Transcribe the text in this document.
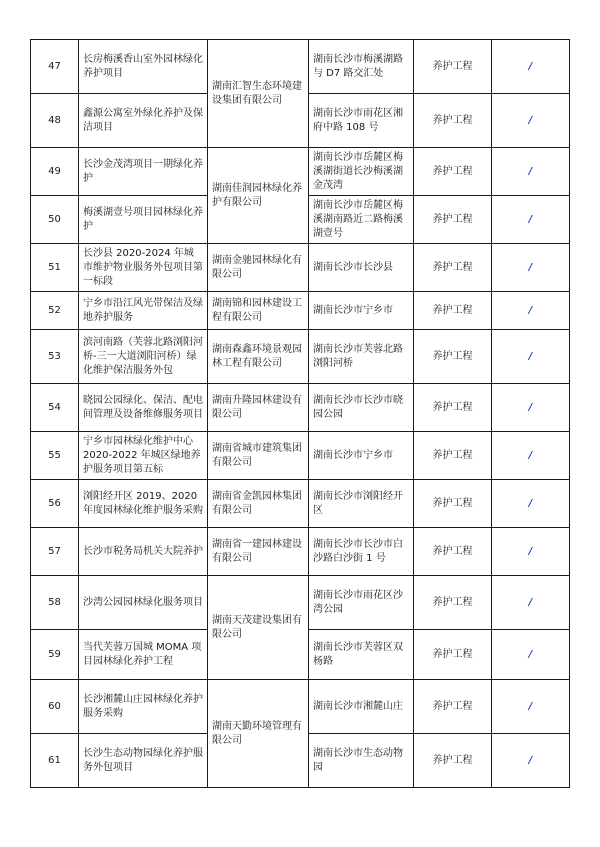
47	长房梅溪香山室外园林绿化养护项目	湖南汇智生态环境建设集团有限公司	湖南长沙市梅溪湖路与 D7 路交汇处	养护工程	/
48	鑫源公寓室外绿化养护及保洁项目		湖南长沙市雨花区湘府中路 108 号	养护工程	/
49	长沙金茂湾项目一期绿化养护	湖南佳润园林绿化养护有限公司	湖南长沙市岳麓区梅溪湖街道长沙梅溪湖金茂湾	养护工程	/
50	梅溪湖壹号项目园林绿化养护		湖南长沙市岳麓区梅溪湖南路近二路梅溪湖壹号	养护工程	/
51	长沙县 2020-2024 年城市维护物业服务外包项目第一标段	湖南金驰园林绿化有限公司	湖南长沙市长沙县	养护工程	/
52	宁乡市沿江风光带保洁及绿地养护服务	湖南锦和园林建设工程有限公司	湖南长沙市宁乡市	养护工程	/
53	滨河南路（芙蓉北路浏阳河桥-三一大道浏阳河桥）绿化维护保洁服务外包	湖南森鑫环境景观园林工程有限公司	湖南长沙市芙蓉北路浏阳河桥	养护工程	/
54	晓园公园绿化、保洁、配电间管理及设备维修服务项目	湖南升隆园林建设有限公司	湖南长沙市长沙市晓园公园	养护工程	/
55	宁乡市园林绿化维护中心 2020-2022 年城区绿地养护服务项目第五标	湖南省城市建筑集团有限公司	湖南长沙市宁乡市	养护工程	/
56	浏阳经开区 2019、2020 年度园林绿化维护服务采购	湖南省金凯园林集团有限公司	湖南长沙市浏阳经开区	养护工程	/
57	长沙市税务局机关大院养护	湖南省一建园林建设有限公司	湖南长沙市长沙市白沙路白沙街 1 号	养护工程	/
58	沙湾公园园林绿化服务项目	湖南天茂建设集团有限公司	湖南长沙市雨花区沙湾公园	养护工程	/
59	当代芙蓉万国城 MOMA 项目园林绿化养护工程		湖南长沙市芙蓉区双杨路	养护工程	/
60	长沙湘麓山庄园林绿化养护服务采购	湖南天勤环境管理有限公司	湖南长沙市湘麓山庄	养护工程	/
61	长沙生态动物园绿化养护服务外包项目		湖南长沙市生态动物园	养护工程	/
